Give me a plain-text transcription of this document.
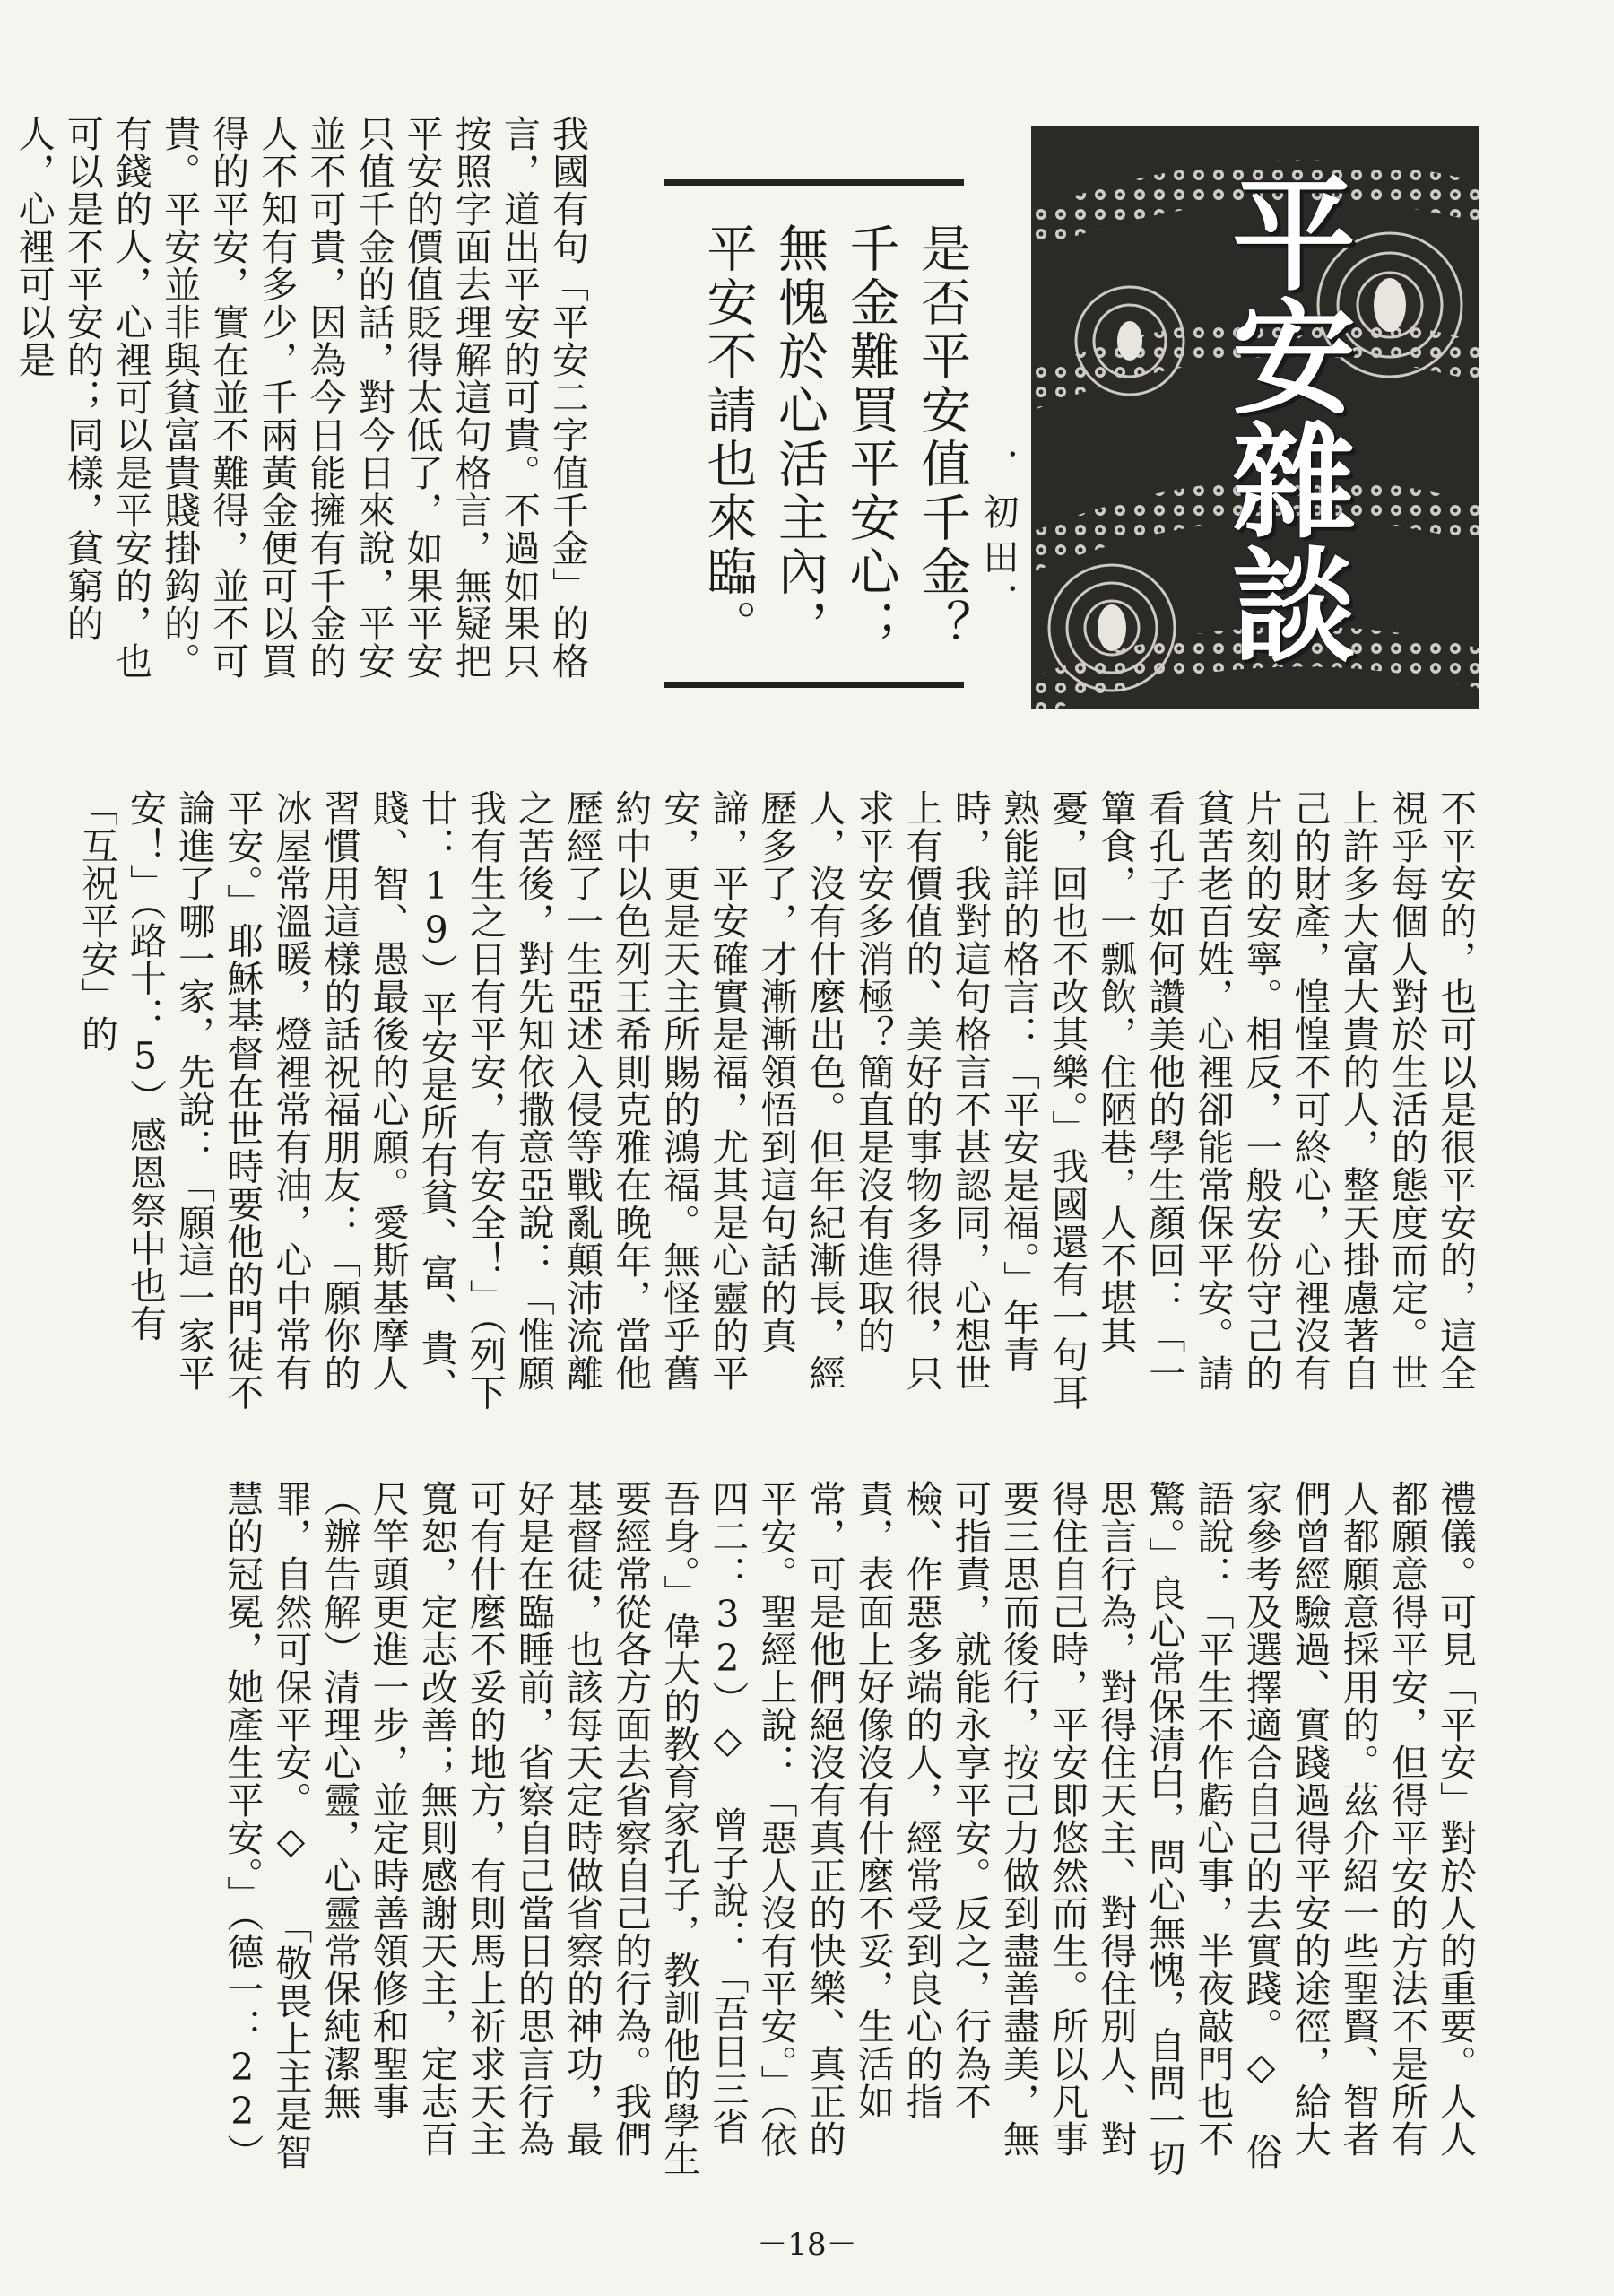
平安雜談
是否平安值千金？
千金難買平安心；
無愧於心活主內，
平安不請也來臨。	．初田．
我國有句「平安二字值千金」的格言，道出平安的可貴。不過如果只按照字面去理解這句格言，無疑把平安的價值貶得太低了，如果平安只值千金的話，對今日來說，平安並不可貴，因為今日能擁有千金的人不知有多少，千兩黃金便可以買得的平安，實在並不難得，並不可貴。平安並非與貧富貴賤掛鈎的。有錢的人，心裡可以是平安的，也可以是不平安的；同樣，貧窮的人，心裡可以是
不平安的，也可以是很平安的，這全視乎每個人對於生活的態度而定。世上許多大富大貴的人，整天掛慮著自己的財產，惶惶不可終心，心裡沒有片刻的安寧。相反，一般安份守己的貧苦老百姓，心裡卻能常保平安。請看孔子如何讚美他的學生顏回：「一簞食，一瓢飲，住陋巷，人不堪其憂，回也不改其樂。」我國還有一句耳熟能詳的格言：「平安是福。」年青時，我對這句格言不甚認同，心想世上有價值的、美好的事物多得很，只求平安多消極？簡直是沒有進取的人，沒有什麼出色。但年紀漸長，經歷多了，才漸漸領悟到這句話的真諦，平安確實是福，尤其是心靈的平安，更是天主所賜的鴻福。無怪乎舊約中以色列王希則克雅在晚年，當他歷經了一生亞述入侵等戰亂顛沛流離之苦後，對先知依撒意亞說：「惟願我有生之日有平安，有安全！」（列下廿：19）平安是所有貧、富、貴、賤、智、愚最後的心願。愛斯基摩人習慣用這樣的話祝福朋友：「願你的冰屋常溫暖，燈裡常有油，心中常有平安。」耶穌基督在世時要他的門徒不論進了哪一家，先說：「願這一家平安！」（路十：5）感恩祭中也有「互祝平安」的
禮儀。可見「平安」對於人的重要。人人都願意得平安，但得平安的方法不是所有人都願意採用的。茲介紹一些聖賢、智者們曾經驗過、實踐過得平安的途徑，給大家參考及選擇適合自己的去實踐。◇ 俗語說：「平生不作虧心事，半夜敲門也不驚。」良心常保清白，問心無愧，自問一切思言行為，對得住天主、對得住別人、對得住自己時，平安即悠然而生。所以凡事要三思而後行，按己力做到盡善盡美，無可指責，就能永享平安。反之，行為不檢、作惡多端的人，經常受到良心的指責，表面上好像沒有什麼不妥，生活如常，可是他們絕沒有真正的快樂、真正的平安。聖經上說：「惡人沒有平安。」（依四二：32）◇ 曾子說：「吾日三省吾身。」偉大的教育家孔子，教訓他的學生要經常從各方面去省察自己的行為。我們基督徒，也該每天定時做省察的神功，最好是在臨睡前，省察自己當日的思言行為可有什麼不妥的地方，有則馬上祈求天主寬恕，定志改善；無則感謝天主，定志百尺竿頭更進一步，並定時善領修和聖事（辦告解）清理心靈，心靈常保純潔無罪，自然可保平安。◇ 「敬畏上主是智慧的冠冕，她產生平安。」（德一：22）
－18－
